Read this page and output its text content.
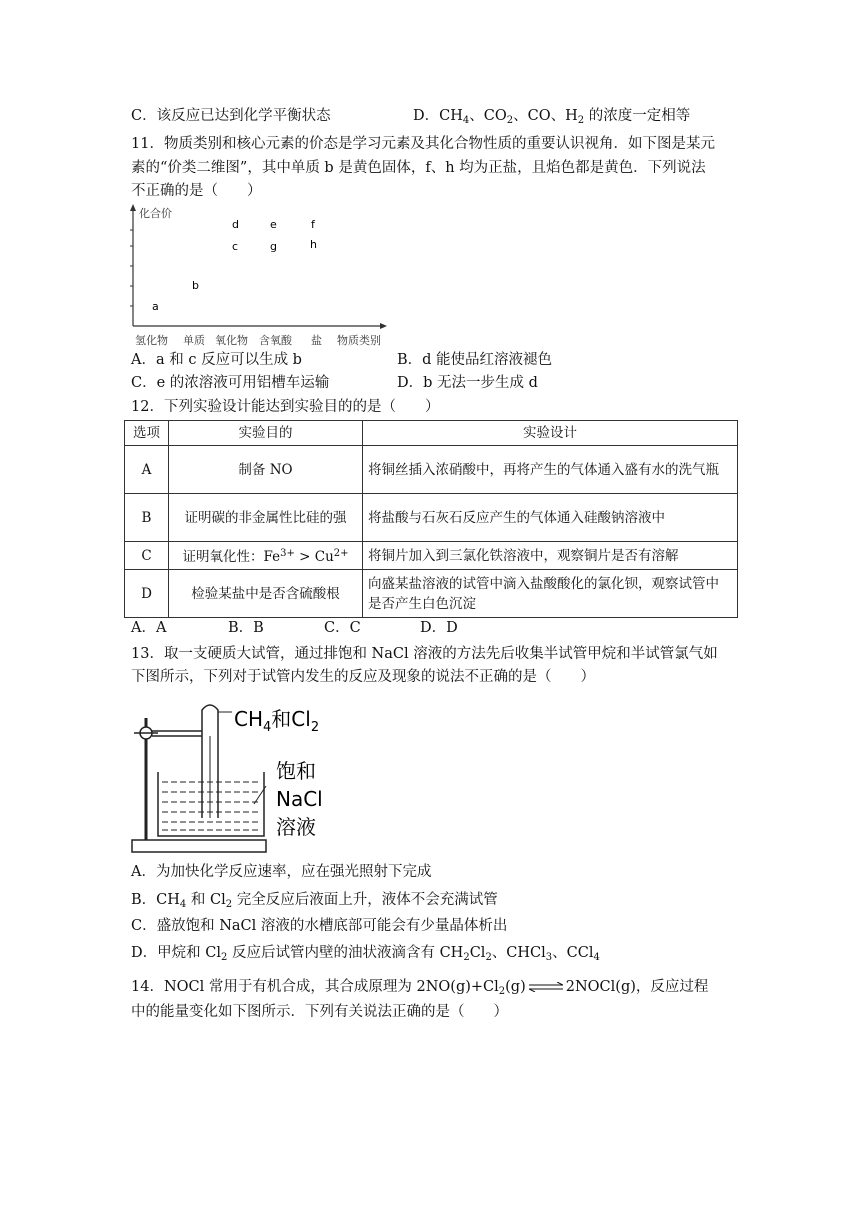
C．该反应已达到化学平衡状态	D．$CH_4$、$CO_2$、CO、$H_2$ 的浓度一定相等
11．物质类别和核心元素的价态是学习元素及其化合物性质的重要认识视角．如下图是某元
素的“价类二维图”，其中单质 b 是黄色固体，f、h 均为正盐，且焰色都是黄色．下列说法
不正确的是（　　）
化合价
a
b
c
d	e
g
f
h
氢化物 单质 氧化物 含氧酸 盐 物质类别
A．a 和 c 反应可以生成 b	B．d 能使品红溶液褪色
C．e 的浓溶液可用铝槽车运输	D．b 无法一步生成 d
12．下列实验设计能达到实验目的的是（　　）
选项	实验目的	实验设计
A	制备 NO	将铜丝插入浓硝酸中，再将产生的气体通入盛有水的洗气瓶
B	证明碳的非金属性比硅的强	将盐酸与石灰石反应产生的气体通入硅酸钠溶液中
C	证明氧化性：$Fe^{3+} > Cu^{2+}$	将铜片加入到三氯化铁溶液中，观察铜片是否有溶解
D	检验某盐中是否含硫酸根	向盛某盐溶液的试管中滴入盐酸酸化的氯化钡，观察试管中是否产生白色沉淀
A．A	B．B	C．C	D．D
13．取一支硬质大试管，通过排饱和 NaCl 溶液的方法先后收集半试管甲烷和半试管氯气如
下图所示，下列对于试管内发生的反应及现象的说法不正确的是（　　）
$CH_4$和$Cl_2$
饱和
NaCl
溶液
A．为加快化学反应速率，应在强光照射下完成
B．$CH_4$ 和 $Cl_2$ 完全反应后液面上升，液体不会充满试管
C．盛放饱和 NaCl 溶液的水槽底部可能会有少量晶体析出
D．甲烷和 $Cl_2$ 反应后试管内壁的油状液滴含有 $CH_2Cl_2$、CHCl$_3$、CCl$_4$
14．NOCl 常用于有机合成，其合成原理为 $2NO(g)+Cl_2(g)$	2NOCl(g)，反应过程
中的能量变化如下图所示．下列有关说法正确的是（　　）
